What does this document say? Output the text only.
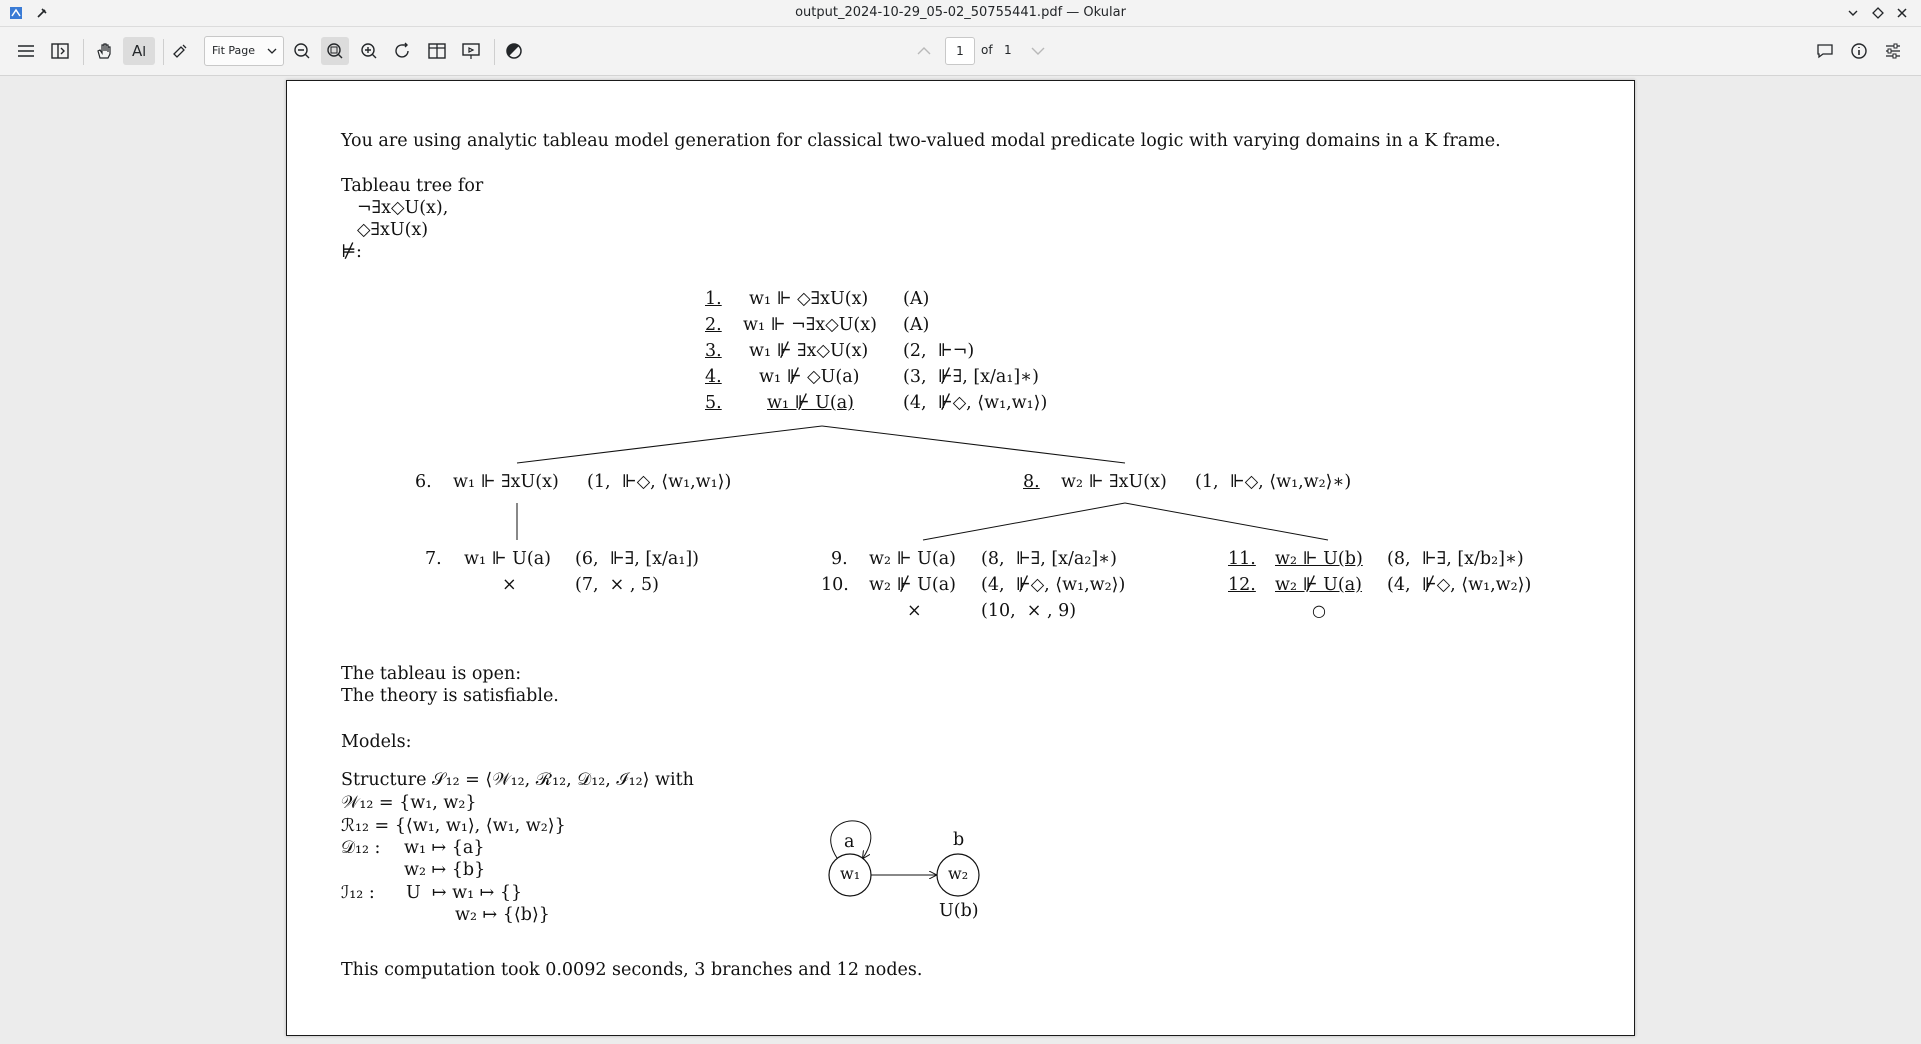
output_2024-10-29_05-02_50755441.pdf — Okular
AI	Fit Page	1	of 1
You are using analytic tableau model generation for classical two-valued modal predicate logic with varying domains in a K frame.
Tableau tree for
¬∃x◇U(x),
◇∃xU(x)
⊭:
1. w₁ ⊩ ◇∃xU(x) (A)
2. w₁ ⊩ ¬∃x◇U(x) (A)
3. w₁ ⊮ ∃x◇U(x) (2,  ⊩¬)
4. w₁ ⊮ ◇U(a) (3,  ⊮∃, [x/a₁]∗)
5.	w₁ ⊮ U(a)	(4,  ⊮◇, ⟨w₁,w₁⟩)
6. w₁ ⊩ ∃xU(x) (1,  ⊩◇, ⟨w₁,w₁⟩)	8. w₂ ⊩ ∃xU(x) (1,  ⊩◇, ⟨w₁,w₂⟩∗)
7. w₁ ⊩ U(a) (6,  ⊩∃, [x/a₁])
×	(7,  × , 5)
9. w₂ ⊩ U(a) (8,  ⊩∃, [x/a₂]∗)
10. w₂ ⊮ U(a) (4,  ⊮◇, ⟨w₁,w₂⟩)
×	(10,  × , 9)
11. w₂ ⊩ U(b) (8,  ⊩∃, [x/b₂]∗)
12. w₂ ⊮ U(a) (4,  ⊮◇, ⟨w₁,w₂⟩)
○
The tableau is open:
The theory is satisfiable.
Models:
Structure 𝒮₁₂ = ⟨𝒲₁₂, ℛ₁₂, 𝒟₁₂, ℐ₁₂⟩ with
𝒲₁₂ = {w₁, w₂}
ℛ₁₂ = {⟨w₁, w₁⟩, ⟨w₁, w₂⟩}
𝒟₁₂ : w₁ ↦ {a}
w₂ ↦ {b}
ℐ₁₂ : U  ↦ w₁ ↦ {}
w₂ ↦ {⟨b⟩}
w₁	w₂
a	b
U(b)
This computation took 0.0092 seconds, 3 branches and 12 nodes.
